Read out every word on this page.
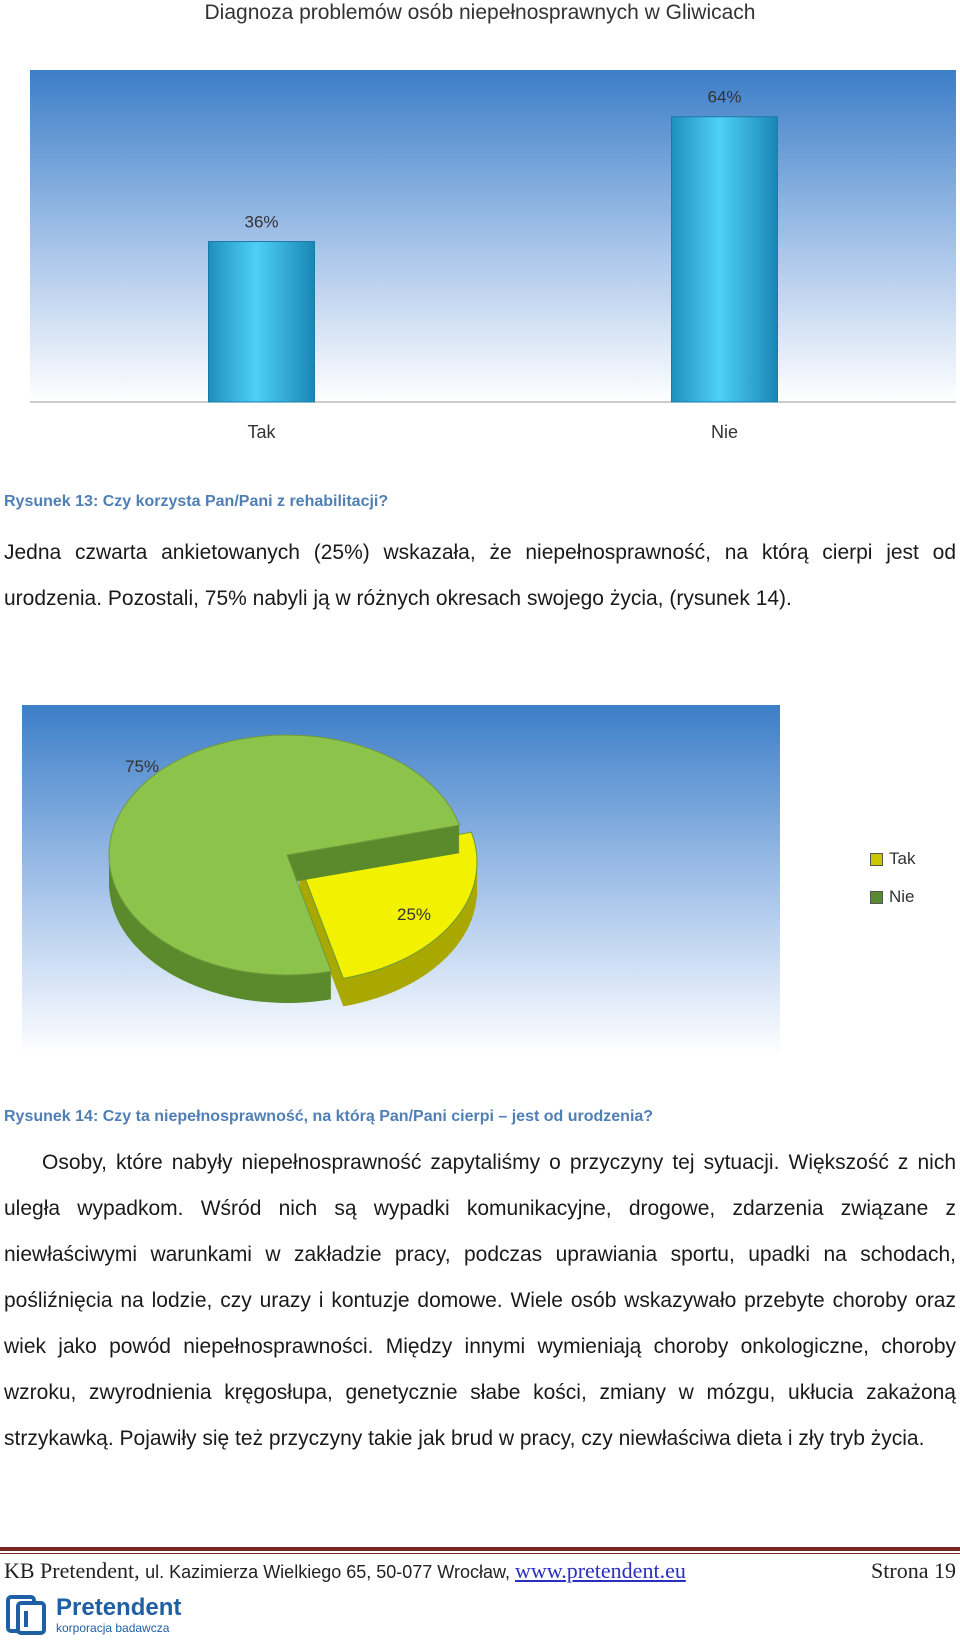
Diagnoza problemów osób niepełnosprawnych w Gliwicach
36%
Tak
64%
Nie
Rysunek 13: Czy korzysta Pan/Pani z rehabilitacji?

Jedna czwarta ankietowanych (25%) wskazała, że niepełnosprawność, na którą cierpi jest od urodzenia. Pozostali, 75% nabyli ją w różnych okresach swojego życia, (rysunek 14).

25%
75%
Tak
Nie
Rysunek 14: Czy ta niepełnosprawność, na którą Pan/Pani cierpi – jest od urodzenia?

Osoby, które nabyły niepełnosprawność zapytaliśmy o przyczyny tej sytuacji. Większość z nich uległa wypadkom. Wśród nich są wypadki komunikacyjne, drogowe, zdarzenia związane z niewłaściwymi warunkami w zakładzie pracy, podczas uprawiania sportu, upadki na schodach, pośliźnięcia na lodzie, czy urazy i kontuzje domowe. Wiele osób wskazywało przebyte choroby oraz wiek jako powód niepełnosprawności. Między innymi wymieniają choroby onkologiczne, choroby wzroku, zwyrodnienia kręgosłupa, genetycznie słabe kości, zmiany w mózgu, ukłucia zakażoną strzykawką. Pojawiły się też przyczyny takie jak brud w pracy, czy niewłaściwa dieta i zły tryb życia.

KB Pretendent, ul. Kazimierza Wielkiego 65, 50-077 Wrocław, www.pretendent.eu	Strona 19
Pretendent
korporacja badawcza
